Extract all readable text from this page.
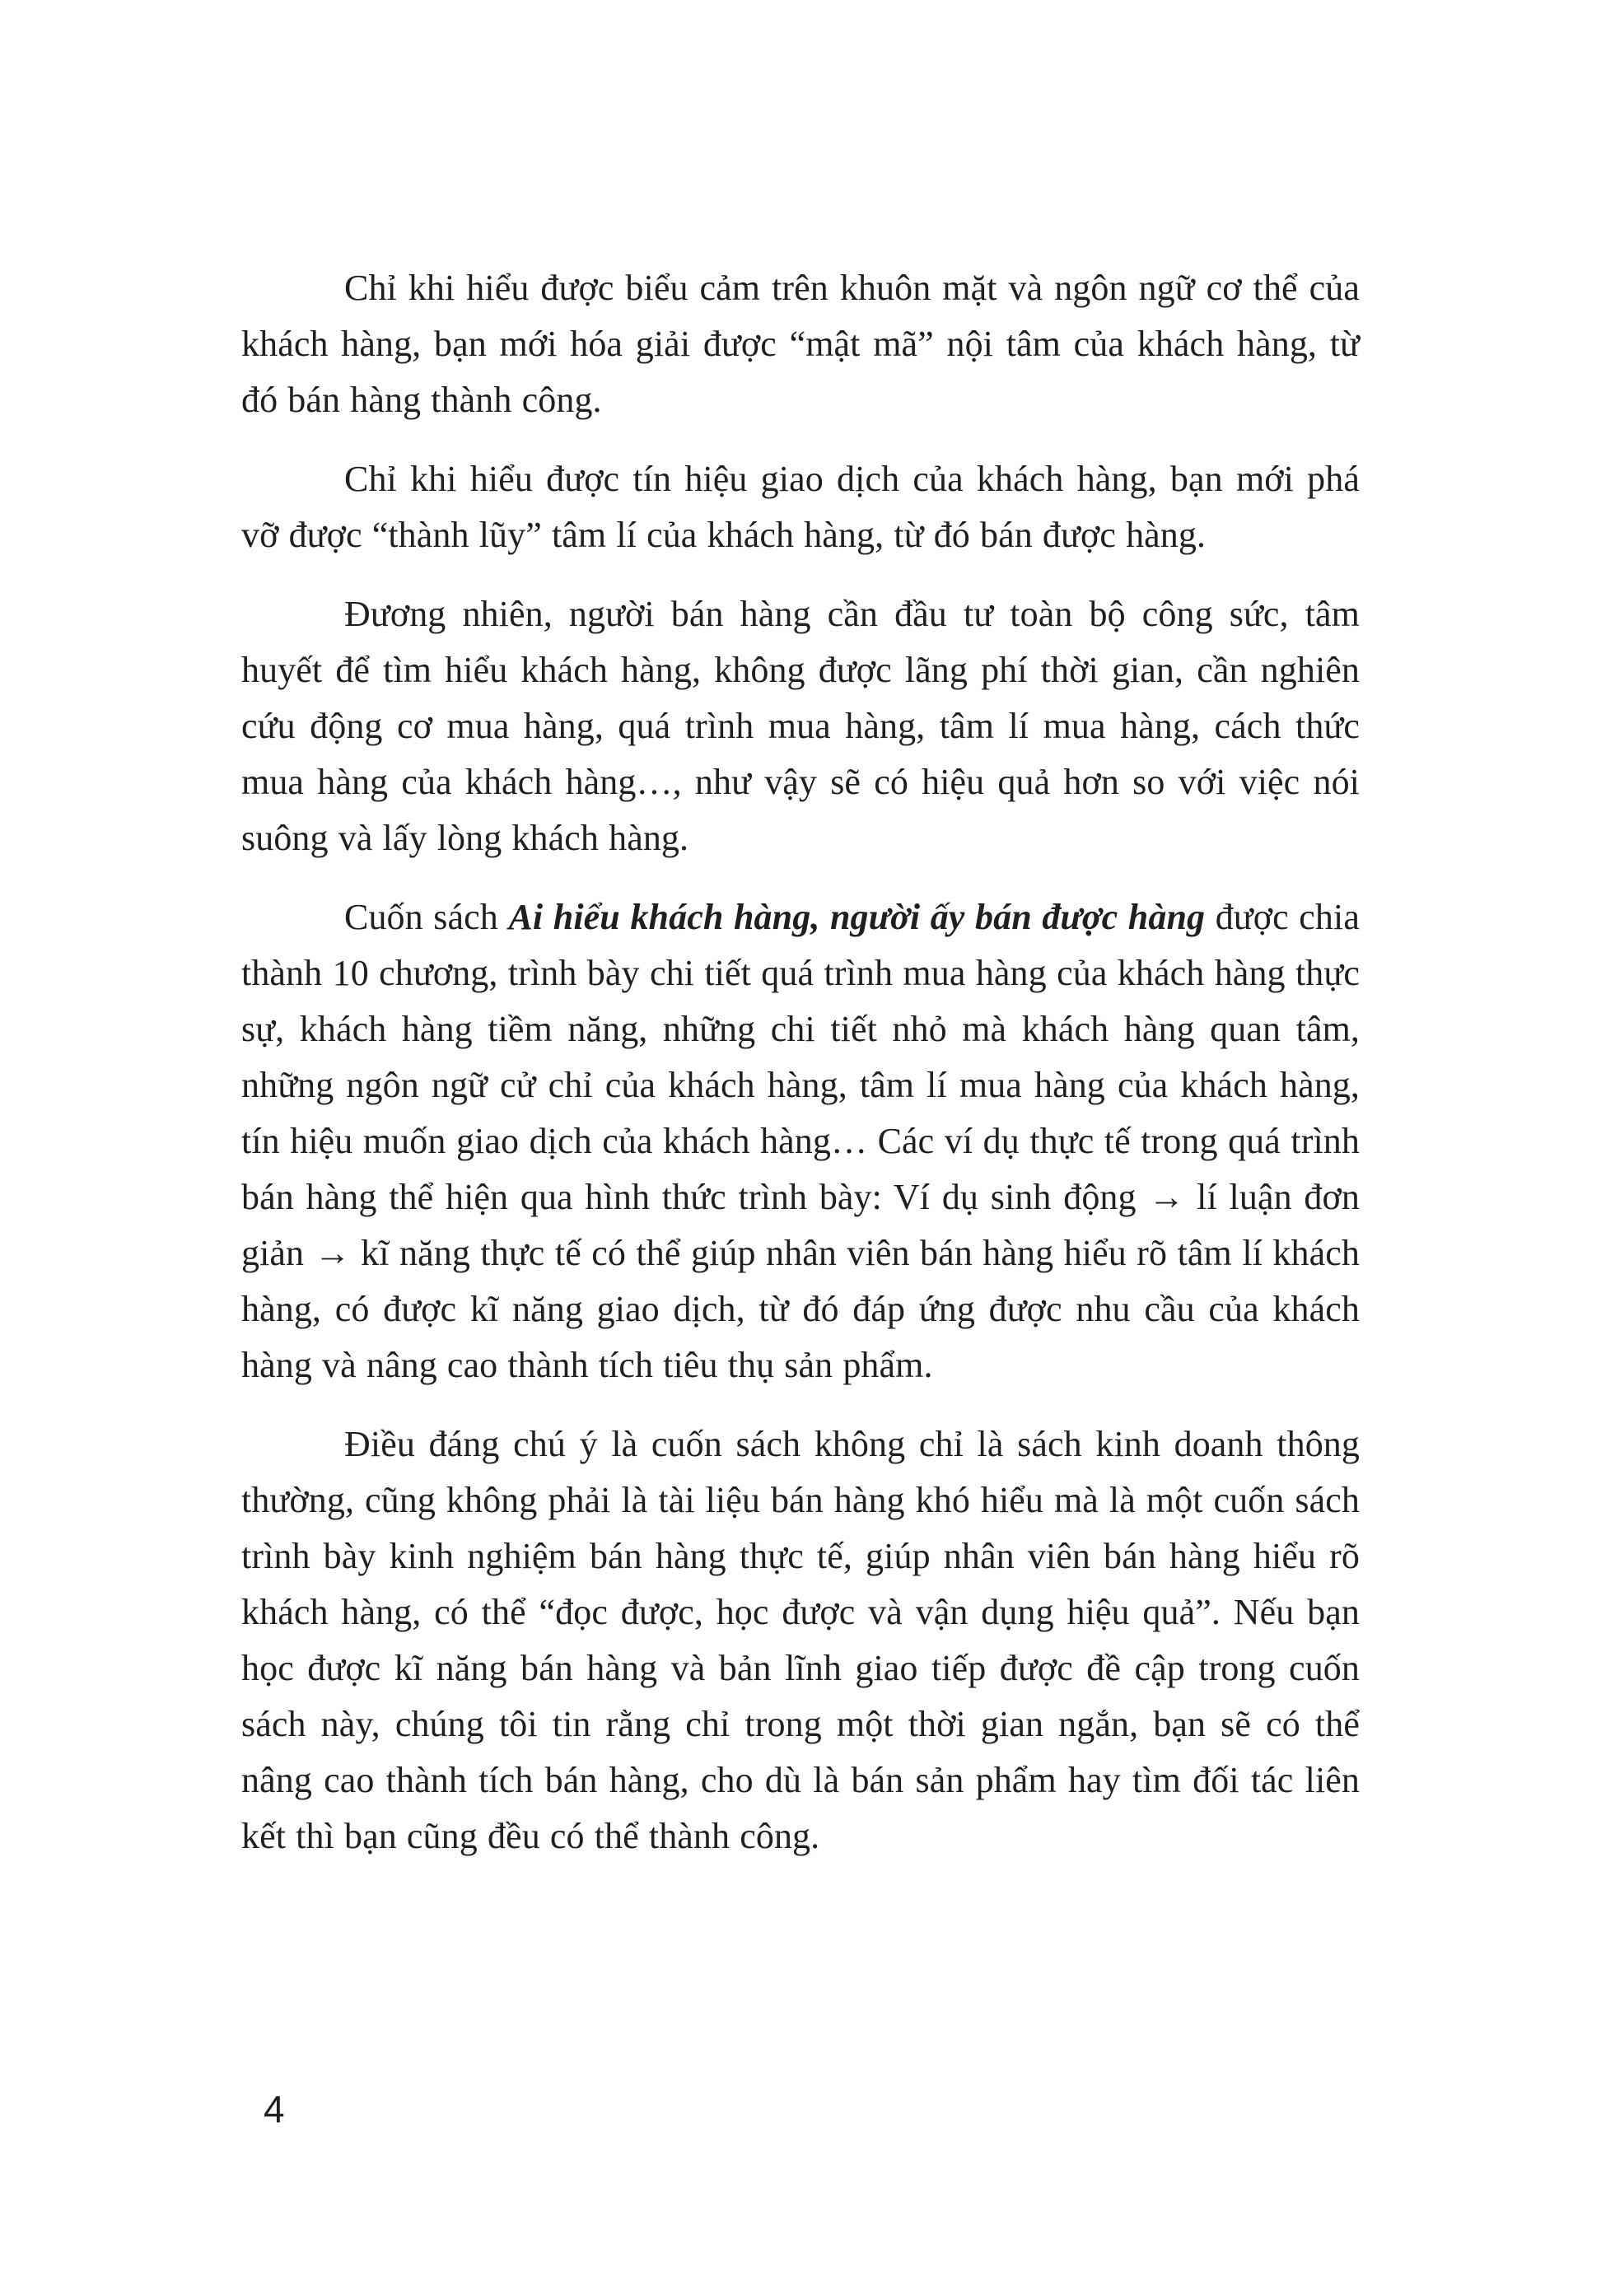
Chỉ khi hiểu được biểu cảm trên khuôn mặt và ngôn ngữ cơ thể của khách hàng, bạn mới hóa giải được “mật mã” nội tâm của khách hàng, từ đó bán hàng thành công.

Chỉ khi hiểu được tín hiệu giao dịch của khách hàng, bạn mới phá vỡ được “thành lũy” tâm lí của khách hàng, từ đó bán được hàng.

Đương nhiên, người bán hàng cần đầu tư toàn bộ công sức, tâm huyết để tìm hiểu khách hàng, không được lãng phí thời gian, cần nghiên cứu động cơ mua hàng, quá trình mua hàng, tâm lí mua hàng, cách thức mua hàng của khách hàng…, như vậy sẽ có hiệu quả hơn so với việc nói suông và lấy lòng khách hàng.

Cuốn sách Ai hiểu khách hàng, người ấy bán được hàng được chia thành 10 chương, trình bày chi tiết quá trình mua hàng của khách hàng thực sự, khách hàng tiềm năng, những chi tiết nhỏ mà khách hàng quan tâm, những ngôn ngữ cử chỉ của khách hàng, tâm lí mua hàng của khách hàng, tín hiệu muốn giao dịch của khách hàng… Các ví dụ thực tế trong quá trình bán hàng thể hiện qua hình thức trình bày: Ví dụ sinh động → lí luận đơn giản → kĩ năng thực tế có thể giúp nhân viên bán hàng hiểu rõ tâm lí khách hàng, có được kĩ năng giao dịch, từ đó đáp ứng được nhu cầu của khách hàng và nâng cao thành tích tiêu thụ sản phẩm.

Điều đáng chú ý là cuốn sách không chỉ là sách kinh doanh thông thường, cũng không phải là tài liệu bán hàng khó hiểu mà là một cuốn sách trình bày kinh nghiệm bán hàng thực tế, giúp nhân viên bán hàng hiểu rõ khách hàng, có thể “đọc được, học được và vận dụng hiệu quả”. Nếu bạn học được kĩ năng bán hàng và bản lĩnh giao tiếp được đề cập trong cuốn sách này, chúng tôi tin rằng chỉ trong một thời gian ngắn, bạn sẽ có thể nâng cao thành tích bán hàng, cho dù là bán sản phẩm hay tìm đối tác liên kết thì bạn cũng đều có thể thành công.

4
